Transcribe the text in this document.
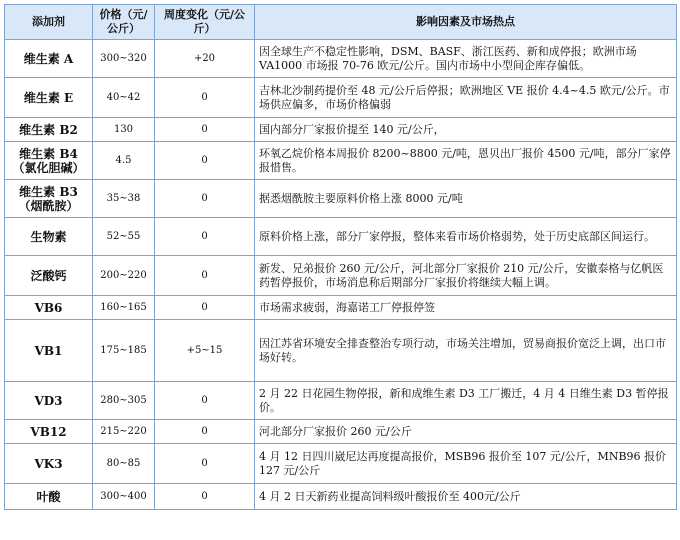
添加剂	价格（元/公斤）	周度变化（元/公斤）	影响因素及市场热点
维生素 A	300~320	+20	因全球生产不稳定性影响，DSM、BASF、浙江医药、新和成停报；欧洲市场 VA1000 市场报 70-76 欧元/公斤。国内市场中小型间企库存偏低。
维生素 E	40~42	0	吉林北沙制药提价至 48 元/公斤后停报；欧洲地区 VE 报价 4.4~4.5 欧元/公斤。市场供应偏多，市场价格偏弱
维生素 B2	130	0	国内部分厂家报价提至 140 元/公斤，
维生素 B4（氯化胆碱）	4.5	0	环氧乙烷价格本周报价 8200~8800 元/吨，恩贝出厂报价 4500 元/吨，部分厂家停报惜售。
维生素 B3（烟酰胺）	35~38	0	据悉烟酰胺主要原料价格上涨 8000 元/吨
生物素	52~55	0	原料价格上涨，部分厂家停报，整体来看市场价格弱势，处于历史底部区间运行。
泛酸钙	200~220	0	新发、兄弟报价 260 元/公斤，河北部分厂家报价 210 元/公斤，安徽泰格与亿帆医药暂停报价，市场消息称后期部分厂家报价将继续大幅上调。
VB6	160~165	0	市场需求疲弱，海嘉诺工厂停报停签
VB1	175~185	+5~15	因江苏省环境安全排查整治专项行动，市场关注增加，贸易商报价宽泛上调，出口市场好转。
VD3	280~305	0	2 月 22 日花园生物停报，新和成维生素 D3 工厂搬迁，4 月 4 日维生素 D3 暂停报价。
VB12	215~220	0	河北部分厂家报价 260 元/公斤
VK3	80~85	0	4 月 12 日四川崴尼达再度提高报价，MSB96 报价至 107 元/公斤，MNB96 报价 127 元/公斤
叶酸	300~400	0	4 月 2 日天新药业提高饲料级叶酸报价至 400元/公斤
